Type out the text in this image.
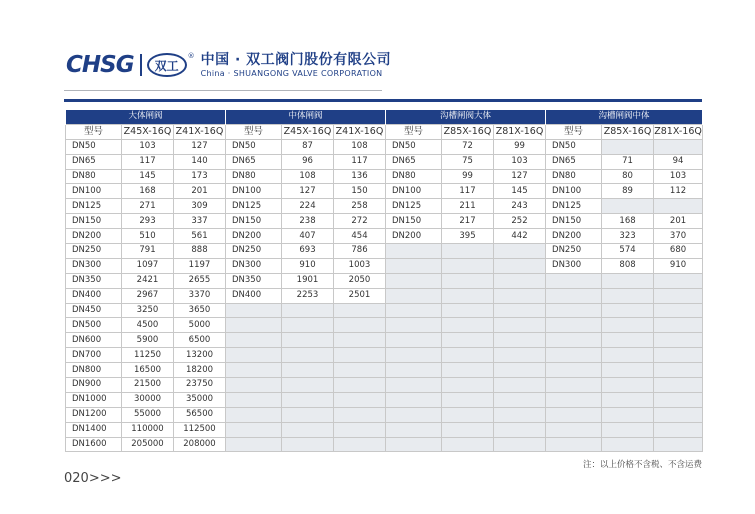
CHSG 双工
® 中国 · 双工阀门股份有限公司
China · SHUANGONG VALVE CORPORATION
大体闸阀			中体闸阀			沟槽闸阀大体			沟槽闸阀中体		
型号	Z45X-16Q	Z41X-16Q	型号	Z45X-16Q	Z41X-16Q	型号	Z85X-16Q	Z81X-16Q	型号	Z85X-16Q	Z81X-16Q
DN50	103	127	DN50	87	108	DN50	72	99	DN50		
DN65	117	140	DN65	96	117	DN65	75	103	DN65	71	94
DN80	145	173	DN80	108	136	DN80	99	127	DN80	80	103
DN100	168	201	DN100	127	150	DN100	117	145	DN100	89	112
DN125	271	309	DN125	224	258	DN125	211	243	DN125		
DN150	293	337	DN150	238	272	DN150	217	252	DN150	168	201
DN200	510	561	DN200	407	454	DN200	395	442	DN200	323	370
DN250	791	888	DN250	693	786				DN250	574	680
DN300	1097	1197	DN300	910	1003				DN300	808	910
DN350	2421	2655	DN350	1901	2050						
DN400	2967	3370	DN400	2253	2501						
DN450	3250	3650									
DN500	4500	5000									
DN600	5900	6500									
DN700	11250	13200									
DN800	16500	18200									
DN900	21500	23750									
DN1000	30000	35000									
DN1200	55000	56500									
DN1400	110000	112500									
DN1600	205000	208000									
020>>>
注：以上价格不含税、不含运费
